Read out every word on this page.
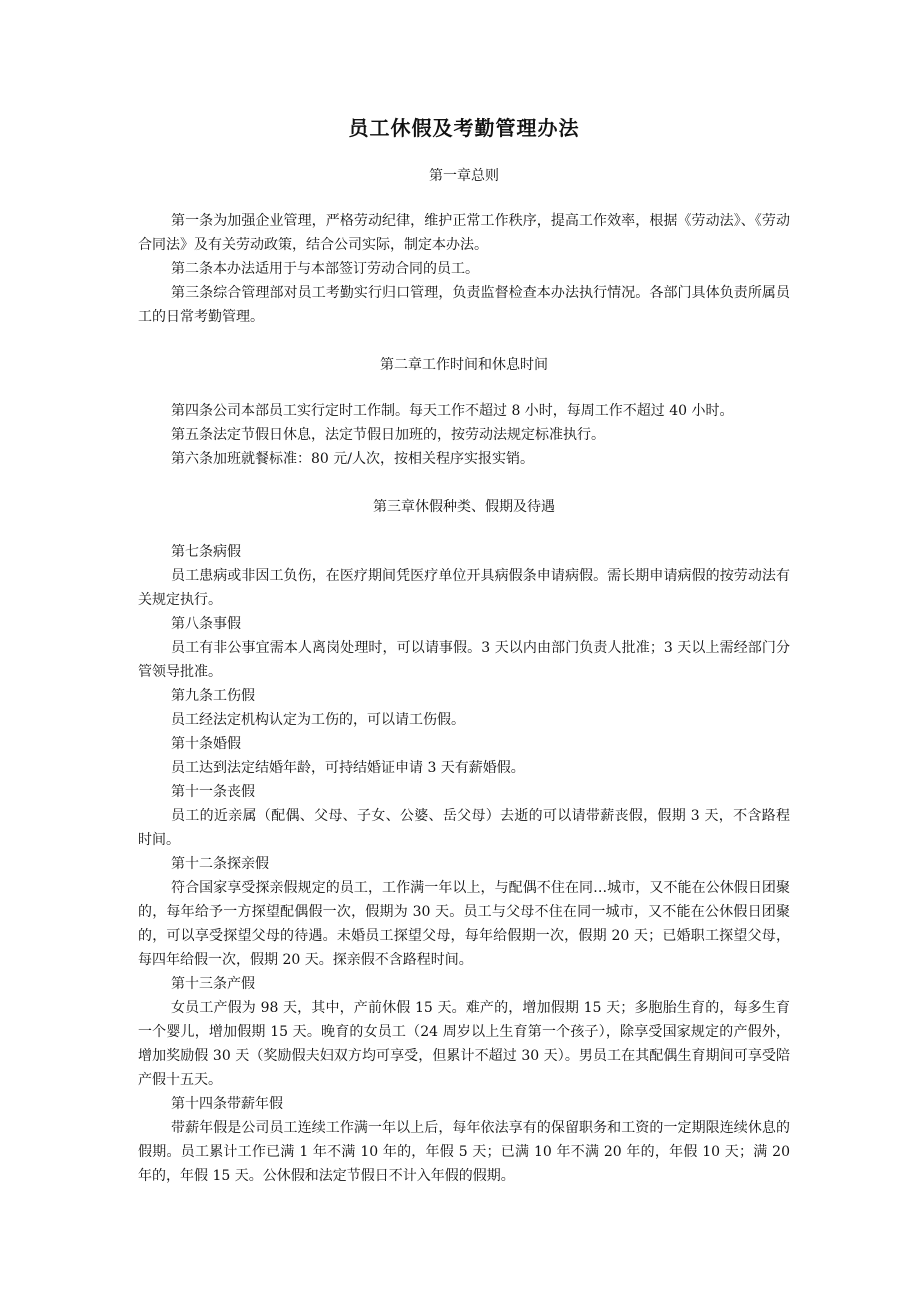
员工休假及考勤管理办法
第一章总则

第一条为加强企业管理，严格劳动纪律，维护正常工作秩序，提高工作效率，根据《劳动法》、《劳动合同法》及有关劳动政策，结合公司实际，制定本办法。

第二条本办法适用于与本部签订劳动合同的员工。

第三条综合管理部对员工考勤实行归口管理，负责监督检查本办法执行情况。各部门具体负责所属员工的日常考勤管理。

第二章工作时间和休息时间

第四条公司本部员工实行定时工作制。每天工作不超过 8 小时，每周工作不超过 40 小时。

第五条法定节假日休息，法定节假日加班的，按劳动法规定标准执行。

第六条加班就餐标准：80 元/人次，按相关程序实报实销。

第三章休假种类、假期及待遇

第七条病假

员工患病或非因工负伤，在医疗期间凭医疗单位开具病假条申请病假。需长期申请病假的按劳动法有关规定执行。

第八条事假

员工有非公事宜需本人离岗处理时，可以请事假。3 天以内由部门负责人批准；3 天以上需经部门分管领导批准。

第九条工伤假

员工经法定机构认定为工伤的，可以请工伤假。

第十条婚假

员工达到法定结婚年龄，可持结婚证申请 3 天有薪婚假。

第十一条丧假

员工的近亲属（配偶、父母、子女、公婆、岳父母）去逝的可以请带薪丧假，假期 3 天，不含路程时间。

第十二条探亲假

符合国家享受探亲假规定的员工，工作满一年以上，与配偶不住在同…城市，又不能在公休假日团聚的，每年给予一方探望配偶假一次，假期为 30 天。员工与父母不住在同一城市，又不能在公休假日团聚的，可以享受探望父母的待遇。未婚员工探望父母，每年给假期一次，假期 20 天；已婚职工探望父母，每四年给假一次，假期 20 天。探亲假不含路程时间。

第十三条产假

女员工产假为 98 天，其中，产前休假 15 天。难产的，增加假期 15 天；多胞胎生育的，每多生育一个婴儿，增加假期 15 天。晚育的女员工（24 周岁以上生育第一个孩子），除享受国家规定的产假外，增加奖励假 30 天（奖励假夫妇双方均可享受，但累计不超过 30 天）。男员工在其配偶生育期间可享受陪产假十五天。

第十四条带薪年假

带薪年假是公司员工连续工作满一年以上后，每年依法享有的保留职务和工资的一定期限连续休息的假期。员工累计工作已满 1 年不满 10 年的，年假 5 天；已满 10 年不满 20 年的，年假 10 天；满 20 年的，年假 15 天。公休假和法定节假日不计入年假的假期。
